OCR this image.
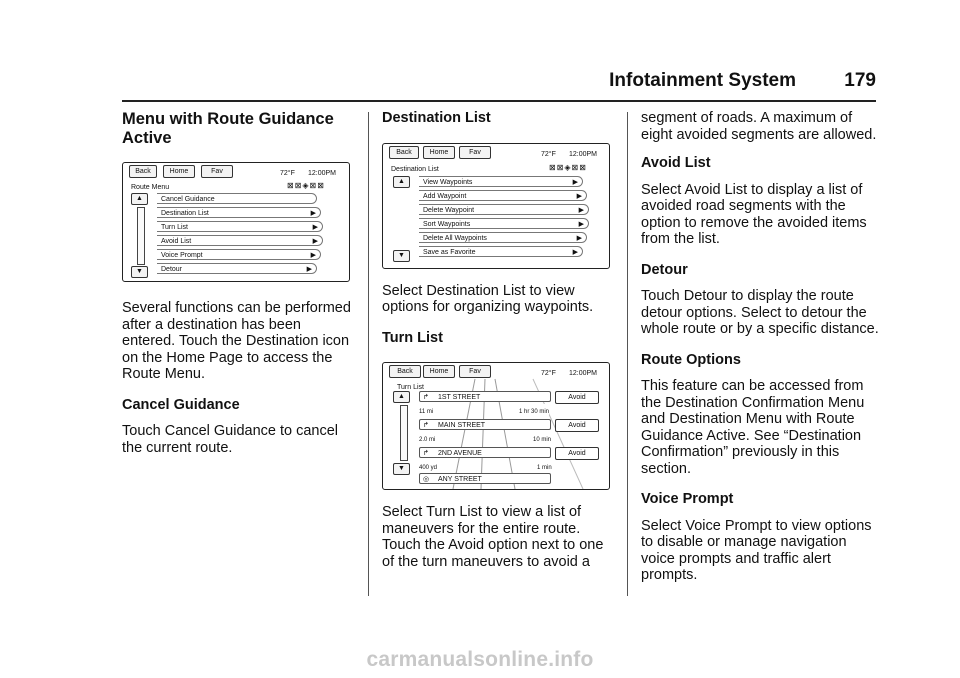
Infotainment System	179
Menu with Route Guidance Active
Back	Home	Fav	72°F 12:00PM
Route Menu	⊠⊠◈⊠⊠
▲
▼
Cancel Guidance
Destination List	▶
Turn List	▶
Avoid List	▶
Voice Prompt	▶
Detour	▶

Several functions can be performed after a destination has been entered. Touch the Destination icon on the Home Page to access the Route Menu.

Cancel Guidance

Touch Cancel Guidance to cancel the current route.

Destination List
Back	Home	Fav	72°F 12:00PM
Destination List	⊠⊠◈⊠⊠
▲
▼
View Waypoints	▶
Add Waypoint	▶
Delete Waypoint	▶
Sort Waypoints	▶
Delete All Waypoints	▶
Save as Favorite	▶

Select Destination List to view options for organizing waypoints.

Turn List
Back	Home	Fav	72°F 12:00PM
Turn List
▲
▼
↱ 1ST STREET	Avoid
11 mi	1 hr 30 min
↱ MAIN STREET	Avoid
2.0 mi	10 min
↱ 2ND AVENUE	Avoid
400 yd	1 min
◎ ANY STREET

Select Turn List to view a list of maneuvers for the entire route. Touch the Avoid option next to one of the turn maneuvers to avoid a

segment of roads. A maximum of eight avoided segments are allowed.

Avoid List

Select Avoid List to display a list of avoided road segments with the option to remove the avoided items from the list.

Detour

Touch Detour to display the route detour options. Select to detour the whole route or by a specific distance.

Route Options

This feature can be accessed from the Destination Confirmation Menu and Destination Menu with Route Guidance Active. See “Destination Confirmation” previously in this section.

Voice Prompt

Select Voice Prompt to view options to disable or manage navigation voice prompts and traffic alert prompts.

carmanualsonline.info
